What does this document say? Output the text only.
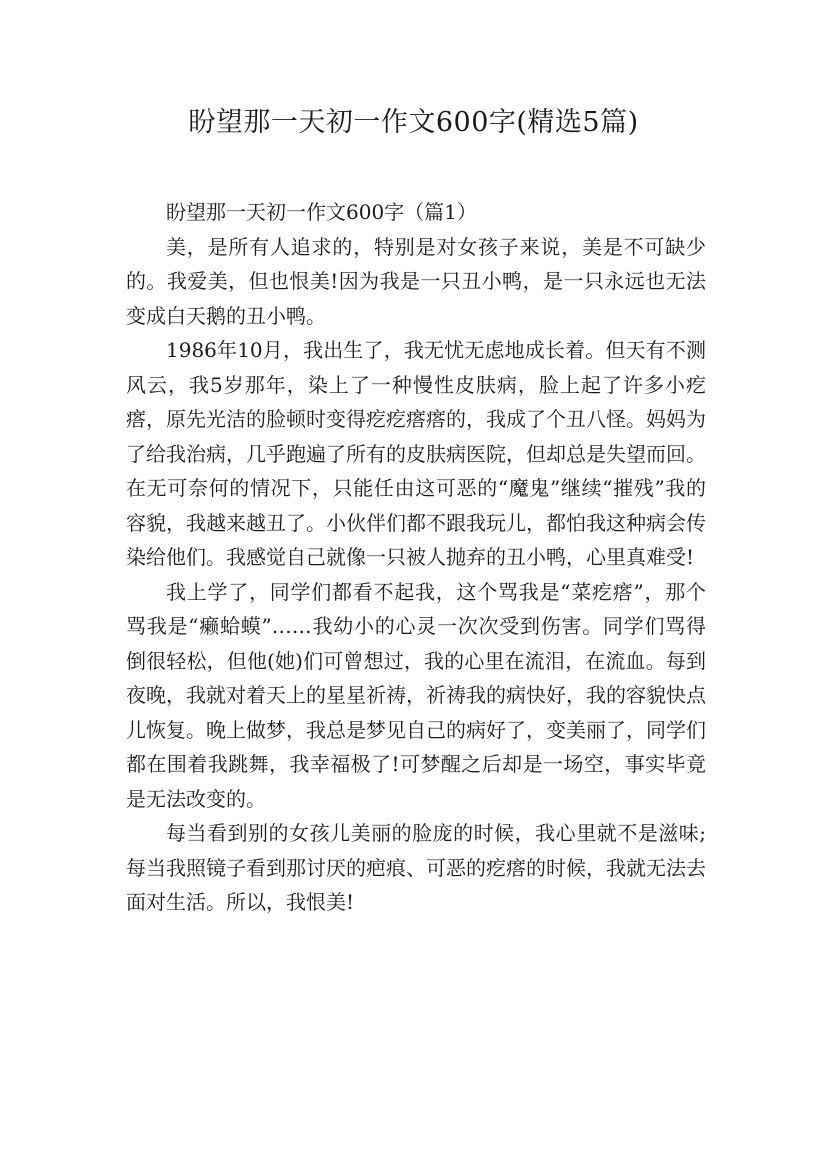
盼望那一天初一作文600字(精选5篇)

盼望那一天初一作文600字（篇1）

美，是所有人追求的，特别是对女孩子来说，美是不可缺少的。我爱美，但也恨美!因为我是一只丑小鸭，是一只永远也无法变成白天鹅的丑小鸭。

1986年10月，我出生了，我无忧无虑地成长着。但天有不测风云，我5岁那年，染上了一种慢性皮肤病，脸上起了许多小疙瘩，原先光洁的脸顿时变得疙疙瘩瘩的，我成了个丑八怪。妈妈为了给我治病，几乎跑遍了所有的皮肤病医院，但却总是失望而回。在无可奈何的情况下，只能任由这可恶的“魔鬼”继续“摧残”我的容貌，我越来越丑了。小伙伴们都不跟我玩儿，都怕我这种病会传染给他们。我感觉自己就像一只被人抛弃的丑小鸭，心里真难受!

我上学了，同学们都看不起我，这个骂我是“菜疙瘩”，那个骂我是“癞蛤蟆”……我幼小的心灵一次次受到伤害。同学们骂得倒很轻松，但他(她)们可曾想过，我的心里在流泪，在流血。每到夜晚，我就对着天上的星星祈祷，祈祷我的病快好，我的容貌快点儿恢复。晚上做梦，我总是梦见自己的病好了，变美丽了，同学们都在围着我跳舞，我幸福极了!可梦醒之后却是一场空，事实毕竟是无法改变的。

每当看到别的女孩儿美丽的脸庞的时候，我心里就不是滋味;每当我照镜子看到那讨厌的疤痕、可恶的疙瘩的时候，我就无法去面对生活。所以，我恨美!
